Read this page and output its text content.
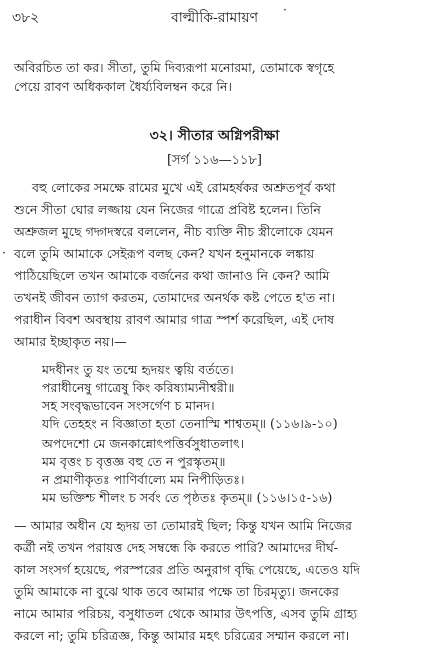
৩৮২	বাল্মীকি-রামায়ণ	·
অবিরচিত তা কর। সীতা, তুমি দিব্যরূপা মনোরমা, তোমাকে স্বগৃহে
পেয়ে রাবণ অধিককাল ধৈর্য্যবিলম্বন করে নি।
৩২। সীতার অগ্নিপরীক্ষা
[সর্গ ১১৬—১১৮]
বহু লোকের সমক্ষে রামের মুখে এই রোমহর্ষকর অশ্রুতপূর্ব কথা
শুনে সীতা ঘোর লজ্জায় যেন নিজের গাত্রে প্রবিষ্ট হলেন। তিনি
অশ্রুজল মুছে গদ্গদস্বরে বললেন, নীচ ব্যক্তি নীচ স্ত্রীলোকে যেমন
বলে তুমি আমাকে সেইরূপ বলছ কেন? যখন হনুমানকে লঙ্কায়
পাঠিয়েছিলে তখন আমাকে বর্জনের কথা জানাও নি কেন? আমি
তখনই জীবন ত্যাগ করতম, তোমাদের অনর্থক কষ্ট পেতে হ'ত না।
পরাধীন বিবশ অবস্থায় রাবণ আমার গাত্র স্পর্শ করেছিল, এই দোষ
আমার ইচ্ছাকৃত নয়।—
·
মদধীনং তু যং তন্মে হৃদয়ং ত্বয়ি বর্ততে।
পরাধীনেষু গাত্রেষু কিং করিষ্যাম্যনীশ্বরী॥
সহ সংবৃদ্ধভাবেন সংসর্গেণ চ মানদ।
যদি তেহহং ন বিজ্ঞাতা হতা তেনাস্মি শাশ্বতম্॥ (১১৬।৯-১০)
অপদেশো মে জনকান্নোৎপত্তির্বসুধাতলাৎ।
মম বৃত্তং চ বৃত্তজ্ঞ বহু তে ন পুরস্কৃতম্॥
ন প্রমাণীকৃতঃ পাণির্বাল্যে মম নিপীড়িতঃ।
মম ভক্তিশ্চ শীলং চ সর্বং তে পৃষ্ঠতঃ কৃতম্॥ (১১৬।১৫-১৬)
— আমার অধীন যে হৃদয় তা তোমারই ছিল; কিন্তু যখন আমি নিজের
কর্ত্রী নই তখন পরায়ত্ত দেহ সম্বন্ধে কি করতে পারি? আমাদের দীর্ঘ-
কাল সংসর্গ হয়েছে, পরস্পরের প্রতি অনুরাগ বৃদ্ধি পেয়েছে, এতেও যদি
তুমি আমাকে না বুঝে থাক তবে আমার পক্ষে তা চিরমৃত্যু। জনকের
নামে আমার পরিচয়, বসুধাতল থেকে আমার উৎপত্তি, এসব তুমি গ্রাহ্য
করলে না; তুমি চরিত্রজ্ঞ, কিন্তু আমার মহৎ চরিত্রের সম্মান করলে না।
